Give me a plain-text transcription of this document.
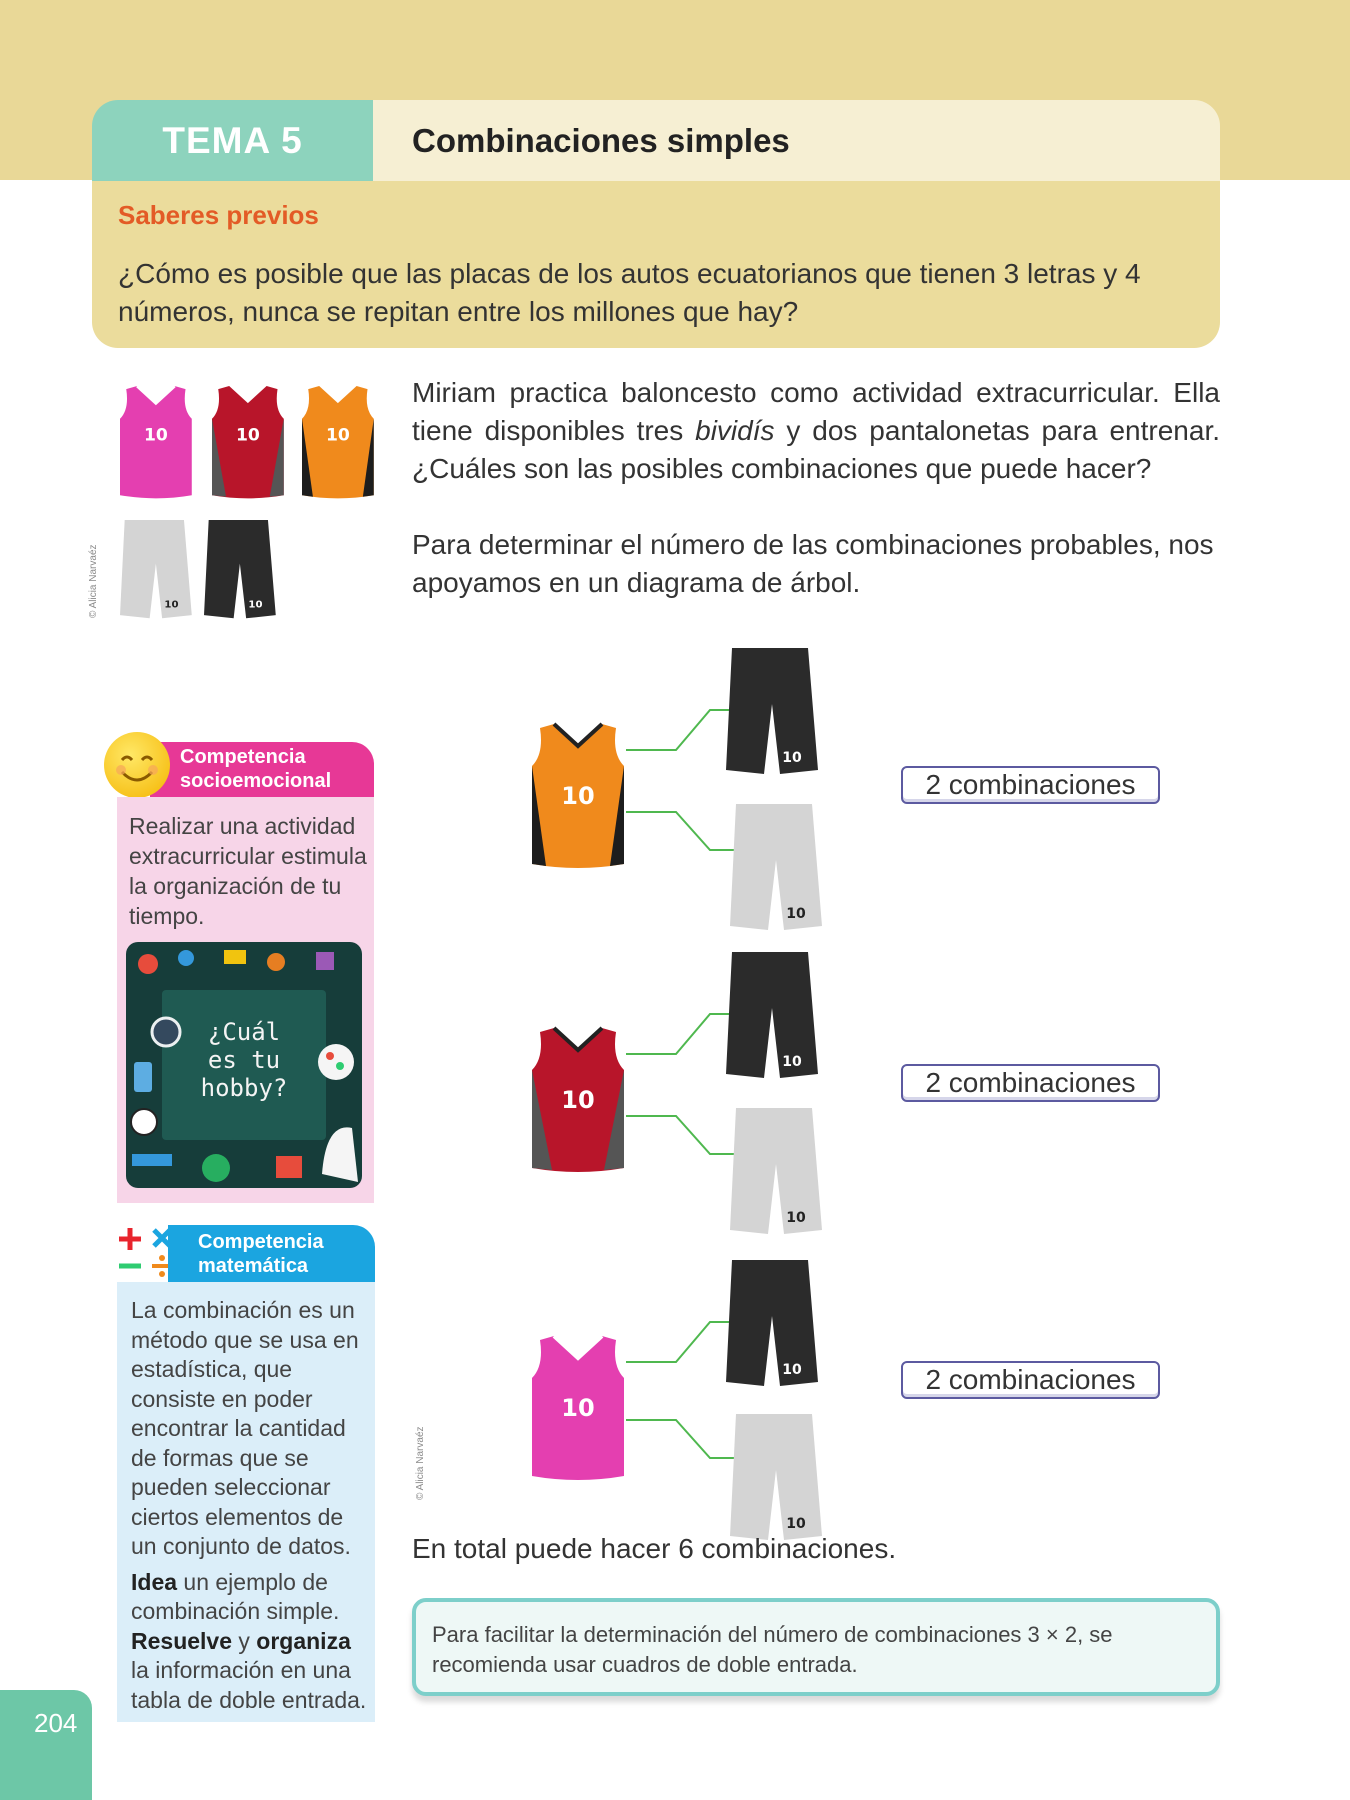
TEMA 5	Combinaciones simples
Saberes previos
¿Cómo es posible que las placas de los autos ecuatorianos que tienen 3 letras y 4 números, nunca se repitan entre los millones que hay?
10	10	10
10	10
© Alicia Narvaéz
Miriam practica baloncesto como actividad extracurricular. Ella tiene disponibles tres bividís y dos pantalonetas para entrenar. ¿Cuáles son las posibles combinaciones que puede hacer?
Para determinar el número de las combinaciones probables, nos apoyamos en un diagrama de árbol.
10
10
10
10
10
10
10
10
10
© Alicia Narvaéz
2 combinaciones
2 combinaciones
2 combinaciones
En total puede hacer 6 combinaciones.
Para facilitar la determinación del número de combinaciones 3 × 2, se recomienda usar cuadros de doble entrada.
Competencia
socioemocional
Realizar una actividad extracurricular estimula la organización de tu tiempo.
¿Cuál
es tu
hobby?
Competencia
matemática
La combinación es un método que se usa en estadística, que consiste en poder encontrar la cantidad de formas que se pueden seleccionar ciertos elementos de un conjunto de datos.
Idea un ejemplo de combinación simple.
Resuelve y organiza la información en una tabla de doble entrada.
204
